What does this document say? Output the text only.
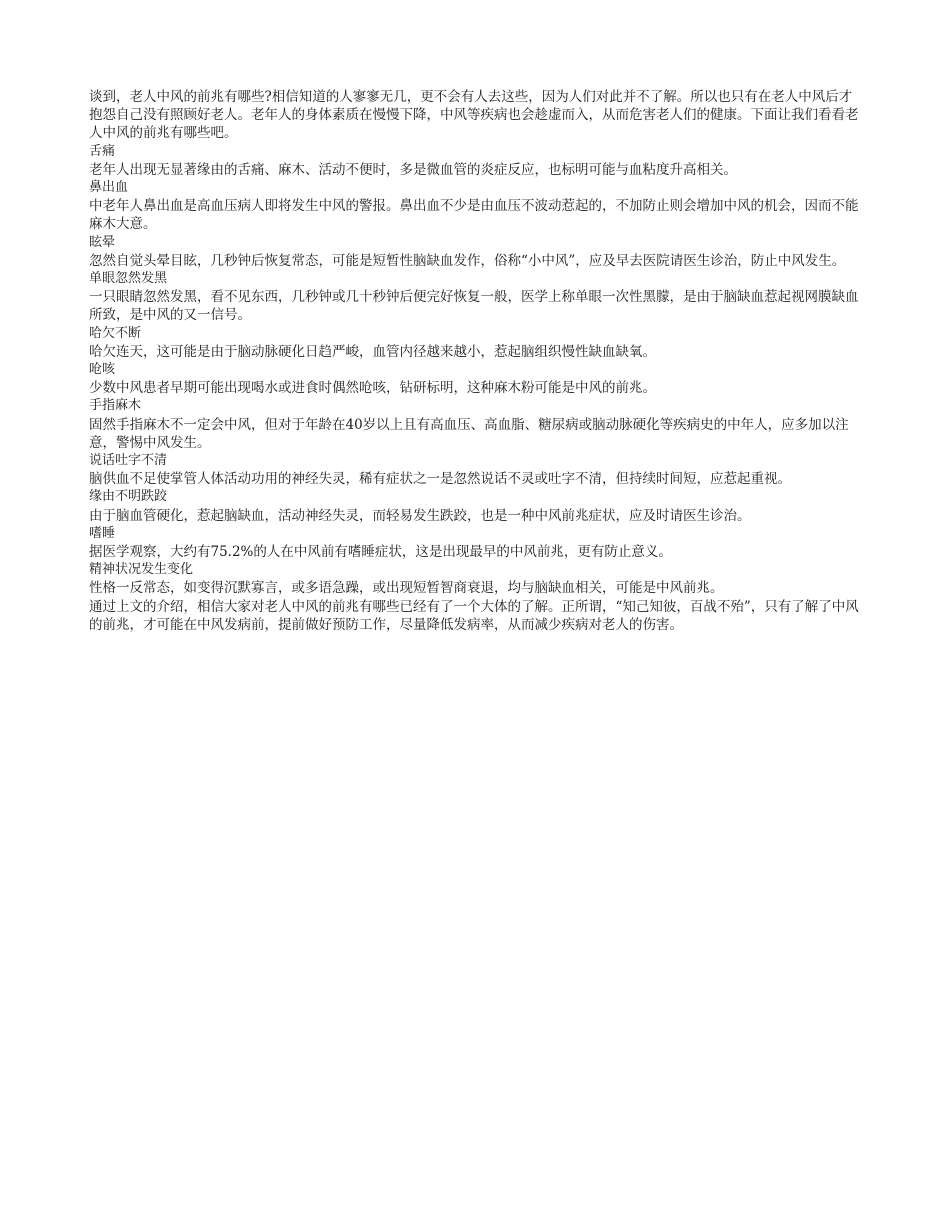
谈到，老人中风的前兆有哪些?相信知道的人寥寥无几，更不会有人去这些，因为人们对此并不了解。所以也只有在老人中风后才抱怨自己没有照顾好老人。老年人的身体素质在慢慢下降，中风等疾病也会趁虚而入，从而危害老人们的健康。下面让我们看看老人中风的前兆有哪些吧。

舌痛

老年人出现无显著缘由的舌痛、麻木、活动不便时，多是微血管的炎症反应，也标明可能与血粘度升高相关。

鼻出血

中老年人鼻出血是高血压病人即将发生中风的警报。鼻出血不少是由血压不波动惹起的，不加防止则会增加中风的机会，因而不能麻木大意。

眩晕

忽然自觉头晕目眩，几秒钟后恢复常态，可能是短暂性脑缺血发作，俗称“小中风”，应及早去医院请医生诊治，防止中风发生。

单眼忽然发黑

一只眼睛忽然发黑，看不见东西，几秒钟或几十秒钟后便完好恢复一般，医学上称单眼一次性黑朦，是由于脑缺血惹起视网膜缺血所致，是中风的又一信号。

哈欠不断

哈欠连天，这可能是由于脑动脉硬化日趋严峻，血管内径越来越小，惹起脑组织慢性缺血缺氧。

呛咳

少数中风患者早期可能出现喝水或进食时偶然呛咳，钻研标明，这种麻木粉可能是中风的前兆。

手指麻木

固然手指麻木不一定会中风，但对于年龄在40岁以上且有高血压、高血脂、糖尿病或脑动脉硬化等疾病史的中年人，应多加以注意，警惕中风发生。

说话吐字不清

脑供血不足使掌管人体活动功用的神经失灵，稀有症状之一是忽然说话不灵或吐字不清，但持续时间短，应惹起重视。

缘由不明跌跤

由于脑血管硬化，惹起脑缺血，活动神经失灵，而轻易发生跌跤，也是一种中风前兆症状，应及时请医生诊治。

嗜睡

据医学观察，大约有75.2%的人在中风前有嗜睡症状，这是出现最早的中风前兆，更有防止意义。

精神状况发生变化

性格一反常态，如变得沉默寡言，或多语急躁，或出现短暂智商衰退，均与脑缺血相关，可能是中风前兆。

通过上文的介绍，相信大家对老人中风的前兆有哪些已经有了一个大体的了解。正所谓，“知己知彼，百战不殆”，只有了解了中风的前兆，才可能在中风发病前，提前做好预防工作，尽量降低发病率，从而减少疾病对老人的伤害。
